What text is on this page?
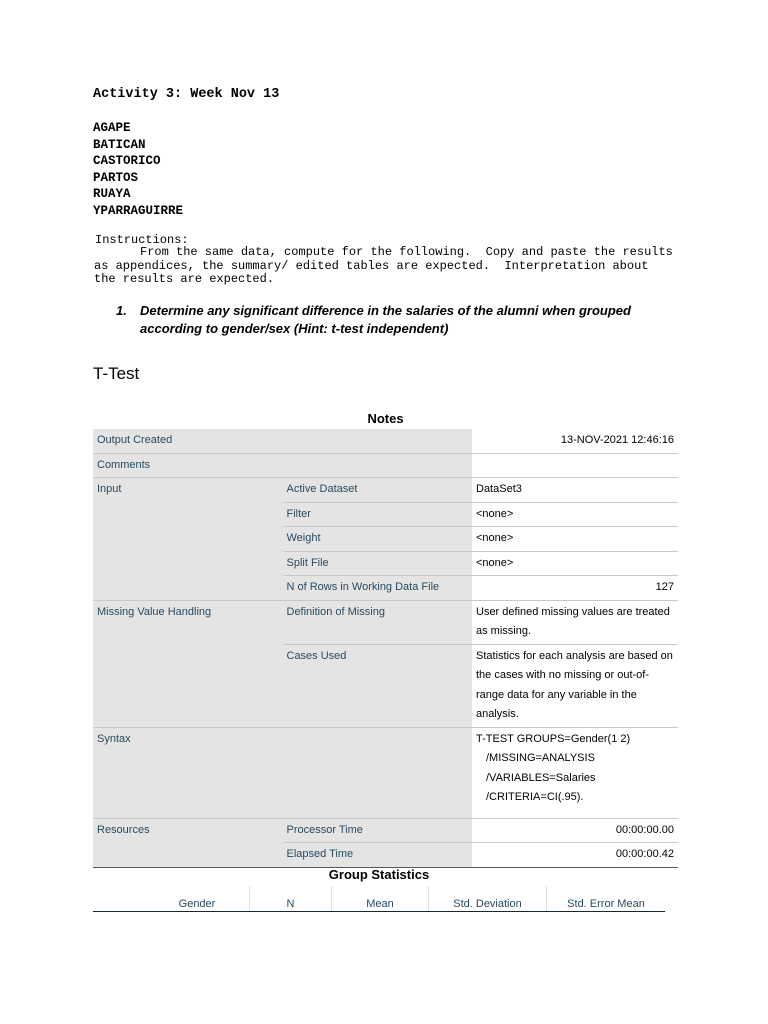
Activity 3: Week Nov 13
AGAPE
BATICAN
CASTORICO
PARTOS
RUAYA
YPARRAGUIRRE
Instructions:
From the same data, compute for the following.  Copy and paste the results
as appendices, the summary/ edited tables are expected.  Interpretation about
the results are expected.
1.	Determine any significant difference in the salaries of the alumni when grouped according to gender/sex (Hint: t-test independent)
T-Test
Notes
Output Created		13-NOV-2021 12:46:16
Comments		
Input	Active Dataset	DataSet3
	Filter	<none>
	Weight	<none>
	Split File	<none>
	N of Rows in Working Data File	127
Missing Value Handling	Definition of Missing	User defined missing values are treated as missing.
	Cases Used	Statistics for each analysis are based on the cases with no missing or out-of-range data for any variable in the analysis.
Syntax		T-TEST GROUPS=Gender(1 2)
/MISSING=ANALYSIS
/VARIABLES=Salaries
/CRITERIA=CI(.95).

Resources	Processor Time	00:00:00.00
	Elapsed Time	00:00:00.42
Group Statistics
Gender	N	Mean	Std. Deviation	Std. Error Mean
